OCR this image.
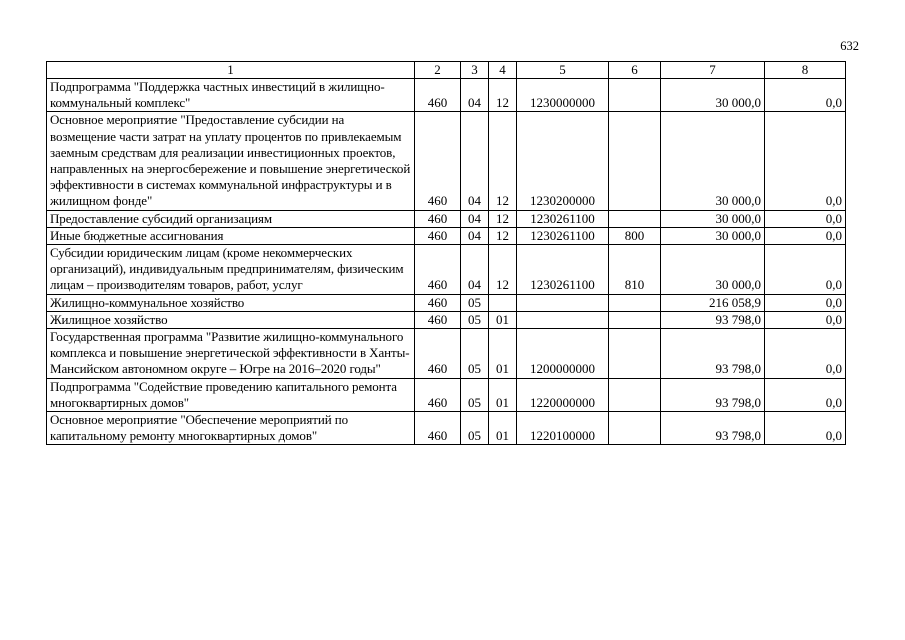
632
1	2	3	4	5	6	7	8
Подпрограмма "Поддержка частных инвестиций в жилищно-коммунальный комплекс"	460	04	12	1230000000		30 000,0	0,0
Основное мероприятие "Предоставление субсидии на возмещение части затрат на уплату процентов по привлекаемым заемным средствам для реализации инвестиционных проектов, направленных на энергосбережение и повышение энергетической эффективности в системах коммунальной инфраструктуры и в жилищном фонде"	460	04	12	1230200000		30 000,0	0,0
Предоставление субсидий организациям	460	04	12	1230261100		30 000,0	0,0
Иные бюджетные ассигнования	460	04	12	1230261100	800	30 000,0	0,0
Субсидии юридическим лицам (кроме некоммерческих организаций), индивидуальным предпринимателям, физическим лицам – производителям товаров, работ, услуг	460	04	12	1230261100	810	30 000,0	0,0
Жилищно-коммунальное хозяйство	460	05				216 058,9	0,0
Жилищное хозяйство	460	05	01			93 798,0	0,0
Государственная программа "Развитие жилищно-коммунального комплекса и повышение энергетической эффективности в Ханты-Мансийском автономном округе – Югре на 2016–2020 годы"	460	05	01	1200000000		93 798,0	0,0
Подпрограмма "Содействие проведению капитального ремонта многоквартирных домов"	460	05	01	1220000000		93 798,0	0,0
Основное мероприятие "Обеспечение мероприятий по капитальному ремонту многоквартирных домов"	460	05	01	1220100000		93 798,0	0,0
